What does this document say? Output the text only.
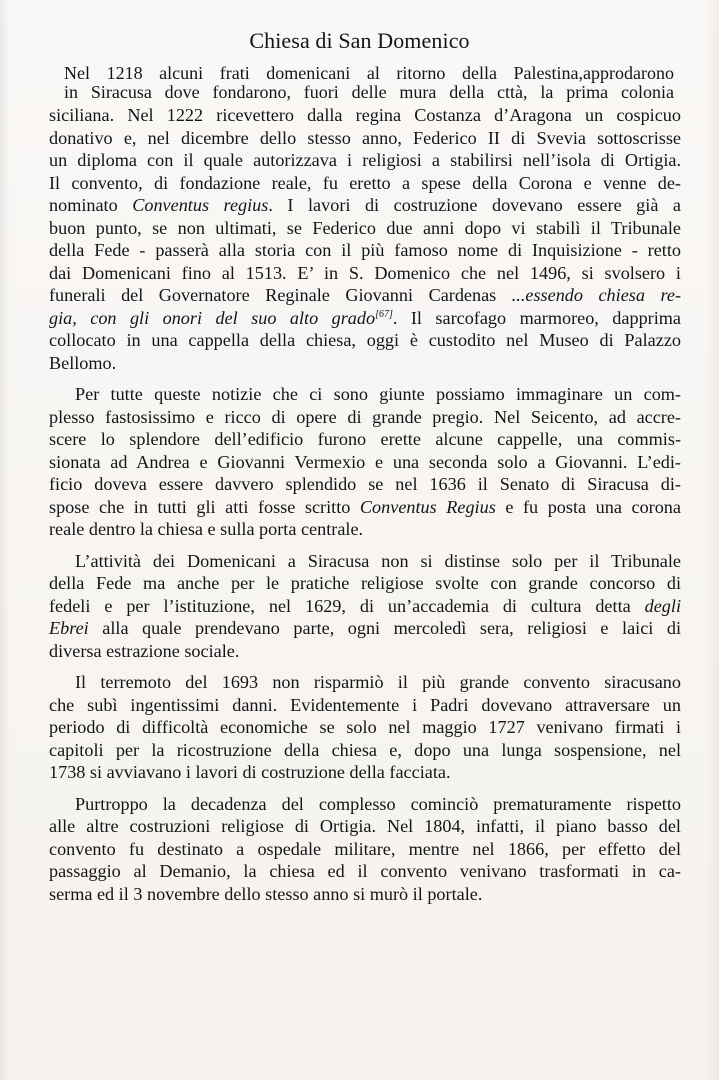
Chiesa di San Domenico
Nel 1218 alcuni frati domenicani al ritorno della Palestina,approdarono
in Siracusa dove fondarono, fuori delle mura della cttà, la prima colonia
siciliana. Nel 1222 ricevettero dalla regina Costanza d’Aragona un cospicuo
donativo e, nel dicembre dello stesso anno, Federico II di Svevia sottoscrisse
un diploma con il quale autorizzava i religiosi a stabilirsi nell’isola di Ortigia.
Il convento, di fondazione reale, fu eretto a spese della Corona e venne de-
nominato Conventus regius. I lavori di costruzione dovevano essere già a
buon punto, se non ultimati, se Federico due anni dopo vi stabilì il Tribunale
della Fede - passerà alla storia con il più famoso nome di Inquisizione - retto
dai Domenicani fino al 1513. E’ in S. Domenico che nel 1496, si svolsero i
funerali del Governatore Reginale Giovanni Cardenas ...essendo chiesa re-
gia, con gli onori del suo alto grado[67]. Il sarcofago marmoreo, dapprima
collocato in una cappella della chiesa, oggi è custodito nel Museo di Palazzo
Bellomo.
Per tutte queste notizie che ci sono giunte possiamo immaginare un com-
plesso fastosissimo e ricco di opere di grande pregio. Nel Seicento, ad accre-
scere lo splendore dell’edificio furono erette alcune cappelle, una commis-
sionata ad Andrea e Giovanni Vermexio e una seconda solo a Giovanni. L’edi-
ficio doveva essere davvero splendido se nel 1636 il Senato di Siracusa di-
spose che in tutti gli atti fosse scritto Conventus Regius e fu posta una corona
reale dentro la chiesa e sulla porta centrale.
L’attività dei Domenicani a Siracusa non si distinse solo per il Tribunale
della Fede ma anche per le pratiche religiose svolte con grande concorso di
fedeli e per l’istituzione, nel 1629, di un’accademia di cultura detta degli
Ebrei alla quale prendevano parte, ogni mercoledì sera, religiosi e laici di
diversa estrazione sociale.
Il terremoto del 1693 non risparmiò il più grande convento siracusano
che subì ingentissimi danni. Evidentemente i Padri dovevano attraversare un
periodo di difficoltà economiche se solo nel maggio 1727 venivano firmati i
capitoli per la ricostruzione della chiesa e, dopo una lunga sospensione, nel
1738 si avviavano i lavori di costruzione della facciata.
Purtroppo la decadenza del complesso cominciò prematuramente rispetto
alle altre costruzioni religiose di Ortigia. Nel 1804, infatti, il piano basso del
convento fu destinato a ospedale militare, mentre nel 1866, per effetto del
passaggio al Demanio, la chiesa ed il convento venivano trasformati in ca-
serma ed il 3 novembre dello stesso anno si murò il portale.
